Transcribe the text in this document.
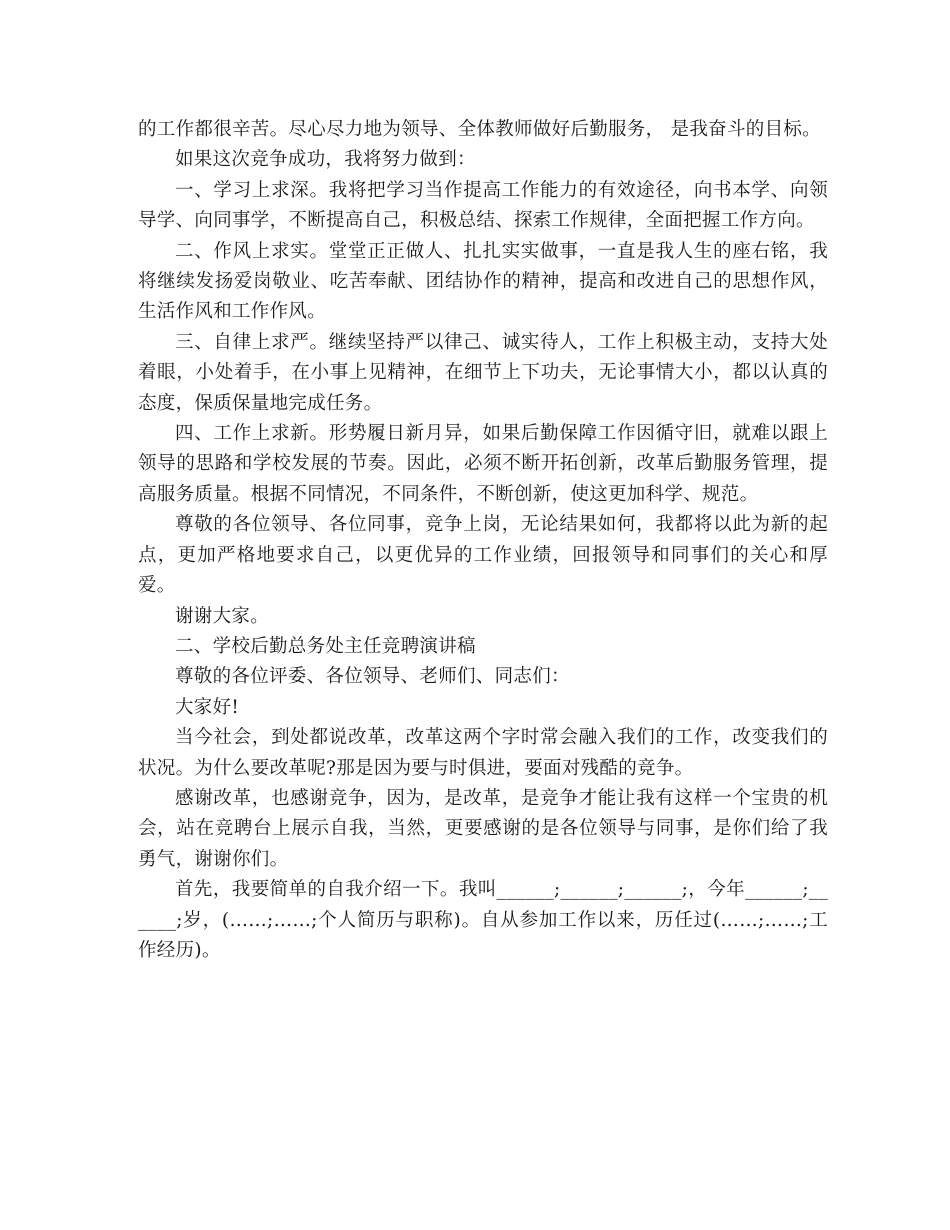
的工作都很辛苦。尽心尽力地为领导、全体教师做好后勤服务， 是我奋斗的目标。

如果这次竞争成功，我将努力做到：

一、学习上求深。我将把学习当作提高工作能力的有效途径，向书本学、向领导学、向同事学，不断提高自己，积极总结、探索工作规律，全面把握工作方向。

二、作风上求实。堂堂正正做人、扎扎实实做事，一直是我人生的座右铭，我将继续发扬爱岗敬业、吃苦奉献、团结协作的精神，提高和改进自己的思想作风，生活作风和工作作风。

三、自律上求严。继续坚持严以律己、诚实待人，工作上积极主动，支持大处着眼，小处着手，在小事上见精神，在细节上下功夫，无论事情大小，都以认真的态度，保质保量地完成任务。

四、工作上求新。形势履日新月异，如果后勤保障工作因循守旧，就难以跟上领导的思路和学校发展的节奏。因此，必须不断开拓创新，改革后勤服务管理，提高服务质量。根据不同情况，不同条件，不断创新，使这更加科学、规范。

尊敬的各位领导、各位同事，竞争上岗，无论结果如何，我都将以此为新的起点，更加严格地要求自己，以更优异的工作业绩，回报领导和同事们的关心和厚爱。

谢谢大家。

二、学校后勤总务处主任竞聘演讲稿

尊敬的各位评委、各位领导、老师们、同志们：

大家好!

当今社会，到处都说改革，改革这两个字时常会融入我们的工作，改变我们的状况。为什么要改革呢?那是因为要与时俱进，要面对残酷的竞争。

感谢改革，也感谢竞争，因为，是改革，是竞争才能让我有这样一个宝贵的机会，站在竞聘台上展示自我，当然，更要感谢的是各位领导与同事，是你们给了我勇气，谢谢你们。

首先，我要简单的自我介绍一下。我叫______;______;______;，今年______;______;岁，(……;……;个人简历与职称)。自从参加工作以来，历任过(……;……;工作经历)。
